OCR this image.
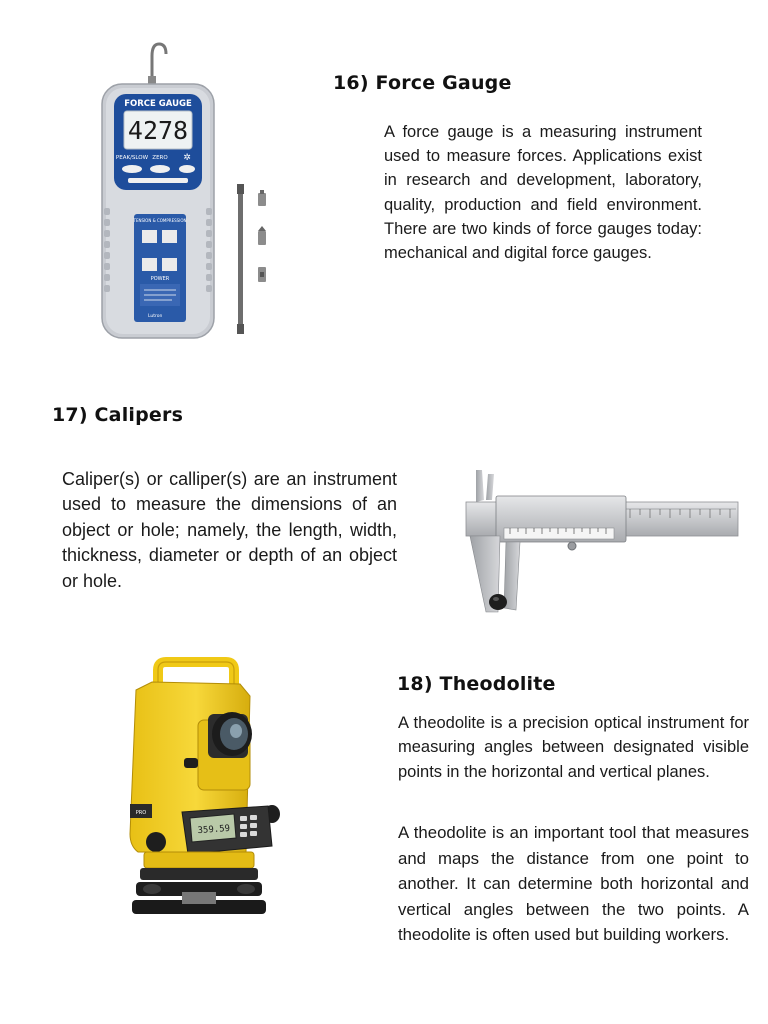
16) Force Gauge
FORCE GAUGE
4278
PEAK/SLOW ZERO ✲
TENSION & COMPRESSION
POWER
Lutron

A force gauge is a measuring instrument used to measure forces. Applications exist in research and development, laboratory, quality, production and field environment. There are two kinds of force gauges today: mechanical and digital force gauges.

17) Calipers

Caliper(s) or calliper(s) are an instrument used to measure the dimensions of an object or hole; namely, the length, width, thickness, diameter or depth of an object or hole.

18) Theodolite
PRO
359.59

A theodolite is a precision optical instrument for measuring angles between designated visible points in the horizontal and vertical planes.

A theodolite is an important tool that measures and maps the distance from one point to another. It can determine both horizontal and vertical angles between the two points. A theodolite is often used but building workers.
